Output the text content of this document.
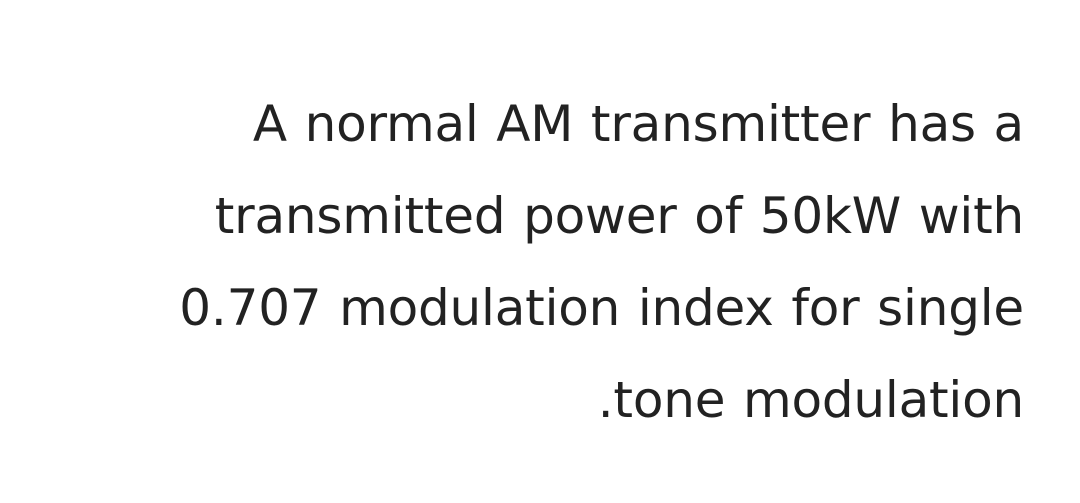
A normal AM transmitter has a
transmitted power of 50kW with
0.707 modulation index for single
.tone modulation
